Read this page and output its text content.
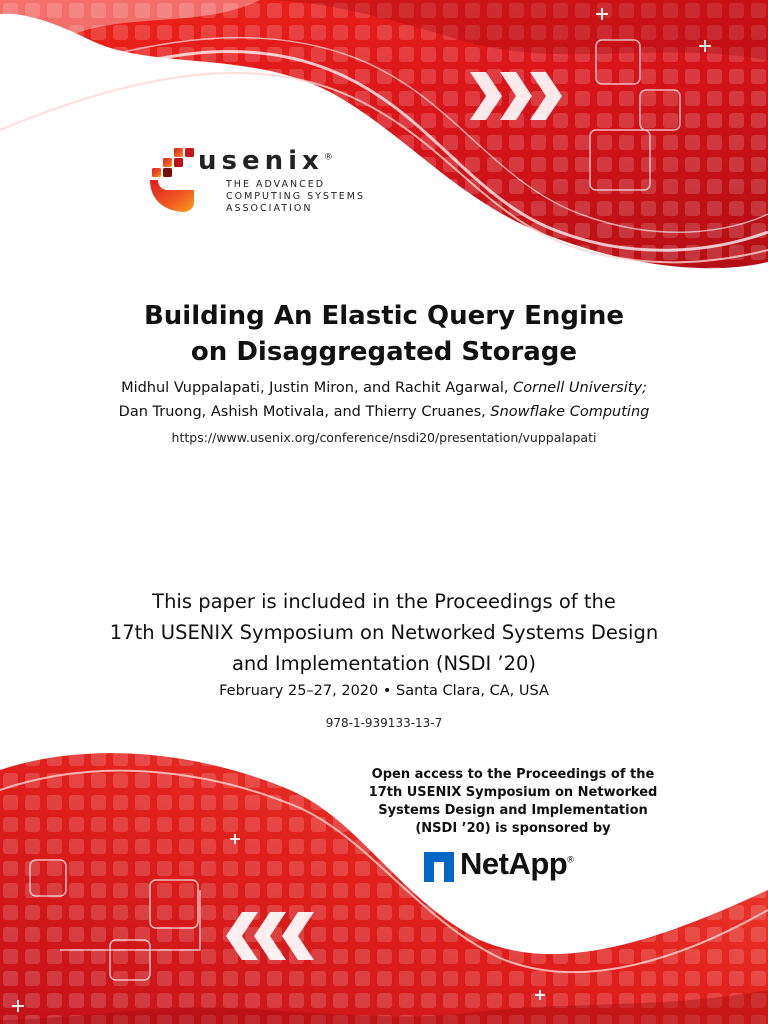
usenix®
THE ADVANCED
COMPUTING SYSTEMS
ASSOCIATION
Building An Elastic Query Engine
on Disaggregated Storage
Midhul Vuppalapati, Justin Miron, and Rachit Agarwal, Cornell University;
Dan Truong, Ashish Motivala, and Thierry Cruanes, Snowflake Computing
https://www.usenix.org/conference/nsdi20/presentation/vuppalapati
This paper is included in the Proceedings of the
17th USENIX Symposium on Networked Systems Design
and Implementation (NSDI ’20)
February 25–27, 2020 • Santa Clara, CA, USA
978-1-939133-13-7
Open access to the Proceedings of the
17th USENIX Symposium on Networked
Systems Design and Implementation
(NSDI ’20) is sponsored by
NetApp®
